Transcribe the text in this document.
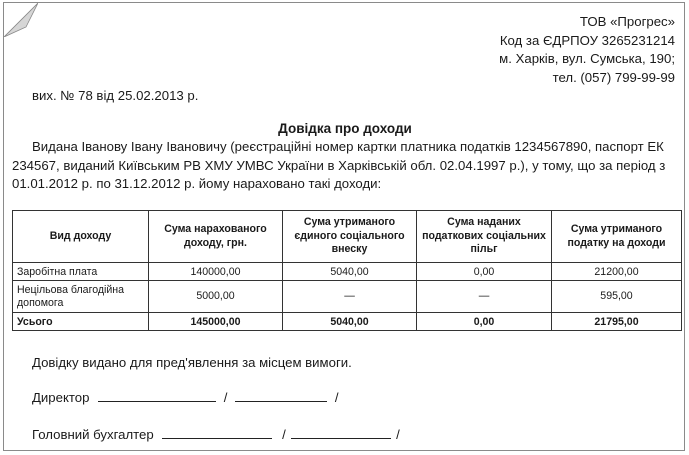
ТОВ «Прогрес»
Код за ЄДРПОУ 3265231214
м. Харків, вул. Сумська, 190;
тел. (057) 799-99-99
вих. № 78 від 25.02.2013 р.
Довідка про доходи
Видана Іванову Івану Івановичу (реєстраційні номер картки платника податків 1234567890, паспорт ЕК 234567, виданий Київським РВ ХМУ УМВС України в Харківській обл. 02.04.1997 р.), у тому, що за період з 01.01.2012 р. по 31.12.2012 р. йому нараховано такі доходи:
Вид доходу	Сума нарахованого доходу, грн.	Сума утриманого єдиного соціального внеску	Сума наданих податкових соціальних пільг	Сума утриманого податку на доходи
Заробітна плата	140000,00	5040,00	0,00	21200,00
Нецільова благодійна допомога	5000,00	—	—	595,00
Усього	145000,00	5040,00	0,00	21795,00
Довідку видано для пред'явлення за місцем вимоги.
Директор	/	/
Головний бухгалтер	/	/
